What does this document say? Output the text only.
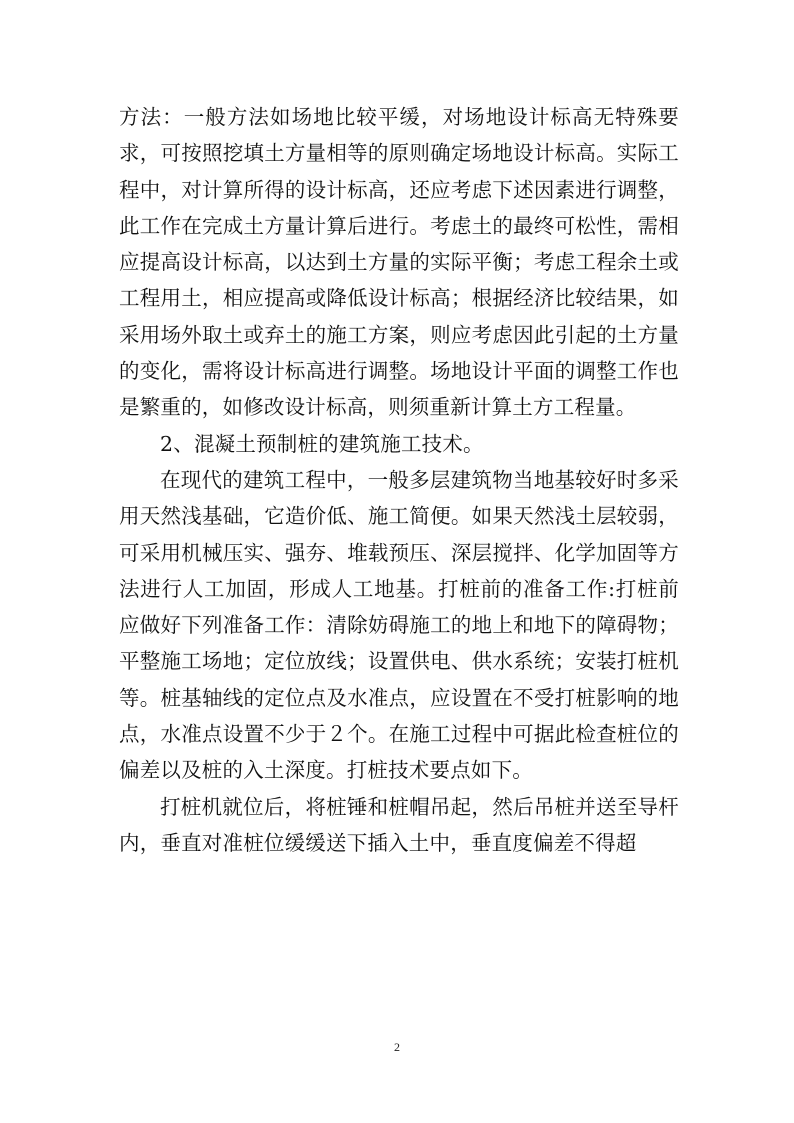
方法：一般方法如场地比较平缓，对场地设计标高无特殊要求，可按照挖填土方量相等的原则确定场地设计标高。实际工程中，对计算所得的设计标高，还应考虑下述因素进行调整，此工作在完成土方量计算后进行。考虑土的最终可松性，需相应提高设计标高，以达到土方量的实际平衡；考虑工程余土或工程用土，相应提高或降低设计标高；根据经济比较结果，如采用场外取土或弃土的施工方案，则应考虑因此引起的土方量的变化，需将设计标高进行调整。场地设计平面的调整工作也是繁重的，如修改设计标高，则须重新计算土方工程量。

2、混凝土预制桩的建筑施工技术。

在现代的建筑工程中，一般多层建筑物当地基较好时多采用天然浅基础，它造价低、施工简便。如果天然浅土层较弱，可采用机械压实、强夯、堆载预压、深层搅拌、化学加固等方法进行人工加固，形成人工地基。打桩前的准备工作:打桩前应做好下列准备工作：清除妨碍施工的地上和地下的障碍物；平整施工场地；定位放线；设置供电、供水系统；安装打桩机等。桩基轴线的定位点及水准点，应设置在不受打桩影响的地点，水准点设置不少于２个。在施工过程中可据此检查桩位的偏差以及桩的入土深度。打桩技术要点如下。

打桩机就位后，将桩锤和桩帽吊起，然后吊桩并送至导杆内，垂直对准桩位缓缓送下插入土中，垂直度偏差不得超

2
